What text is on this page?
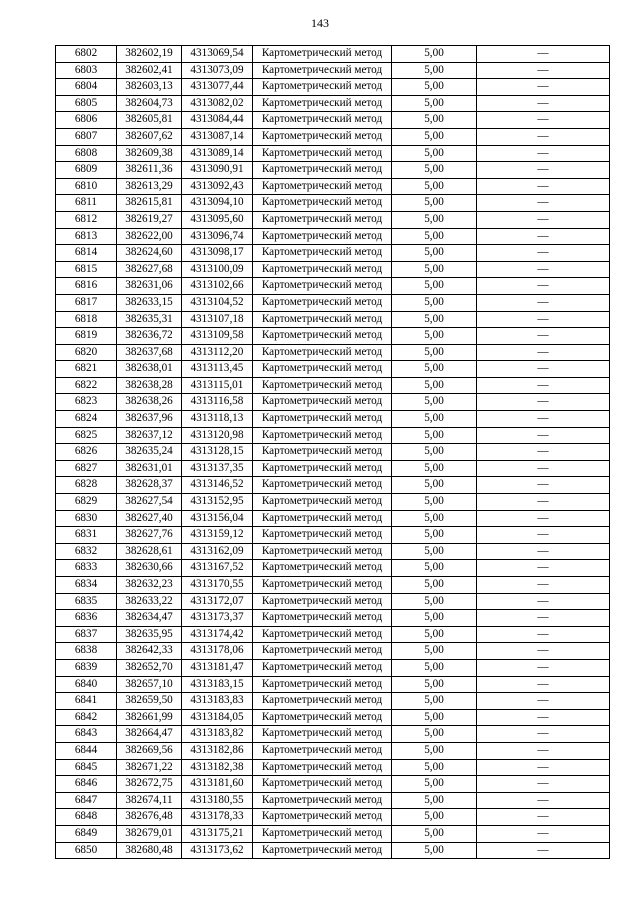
143
6802	382602,19	4313069,54	Картометрический метод	5,00	—
6803	382602,41	4313073,09	Картометрический метод	5,00	—
6804	382603,13	4313077,44	Картометрический метод	5,00	—
6805	382604,73	4313082,02	Картометрический метод	5,00	—
6806	382605,81	4313084,44	Картометрический метод	5,00	—
6807	382607,62	4313087,14	Картометрический метод	5,00	—
6808	382609,38	4313089,14	Картометрический метод	5,00	—
6809	382611,36	4313090,91	Картометрический метод	5,00	—
6810	382613,29	4313092,43	Картометрический метод	5,00	—
6811	382615,81	4313094,10	Картометрический метод	5,00	—
6812	382619,27	4313095,60	Картометрический метод	5,00	—
6813	382622,00	4313096,74	Картометрический метод	5,00	—
6814	382624,60	4313098,17	Картометрический метод	5,00	—
6815	382627,68	4313100,09	Картометрический метод	5,00	—
6816	382631,06	4313102,66	Картометрический метод	5,00	—
6817	382633,15	4313104,52	Картометрический метод	5,00	—
6818	382635,31	4313107,18	Картометрический метод	5,00	—
6819	382636,72	4313109,58	Картометрический метод	5,00	—
6820	382637,68	4313112,20	Картометрический метод	5,00	—
6821	382638,01	4313113,45	Картометрический метод	5,00	—
6822	382638,28	4313115,01	Картометрический метод	5,00	—
6823	382638,26	4313116,58	Картометрический метод	5,00	—
6824	382637,96	4313118,13	Картометрический метод	5,00	—
6825	382637,12	4313120,98	Картометрический метод	5,00	—
6826	382635,24	4313128,15	Картометрический метод	5,00	—
6827	382631,01	4313137,35	Картометрический метод	5,00	—
6828	382628,37	4313146,52	Картометрический метод	5,00	—
6829	382627,54	4313152,95	Картометрический метод	5,00	—
6830	382627,40	4313156,04	Картометрический метод	5,00	—
6831	382627,76	4313159,12	Картометрический метод	5,00	—
6832	382628,61	4313162,09	Картометрический метод	5,00	—
6833	382630,66	4313167,52	Картометрический метод	5,00	—
6834	382632,23	4313170,55	Картометрический метод	5,00	—
6835	382633,22	4313172,07	Картометрический метод	5,00	—
6836	382634,47	4313173,37	Картометрический метод	5,00	—
6837	382635,95	4313174,42	Картометрический метод	5,00	—
6838	382642,33	4313178,06	Картометрический метод	5,00	—
6839	382652,70	4313181,47	Картометрический метод	5,00	—
6840	382657,10	4313183,15	Картометрический метод	5,00	—
6841	382659,50	4313183,83	Картометрический метод	5,00	—
6842	382661,99	4313184,05	Картометрический метод	5,00	—
6843	382664,47	4313183,82	Картометрический метод	5,00	—
6844	382669,56	4313182,86	Картометрический метод	5,00	—
6845	382671,22	4313182,38	Картометрический метод	5,00	—
6846	382672,75	4313181,60	Картометрический метод	5,00	—
6847	382674,11	4313180,55	Картометрический метод	5,00	—
6848	382676,48	4313178,33	Картометрический метод	5,00	—
6849	382679,01	4313175,21	Картометрический метод	5,00	—
6850	382680,48	4313173,62	Картометрический метод	5,00	—
